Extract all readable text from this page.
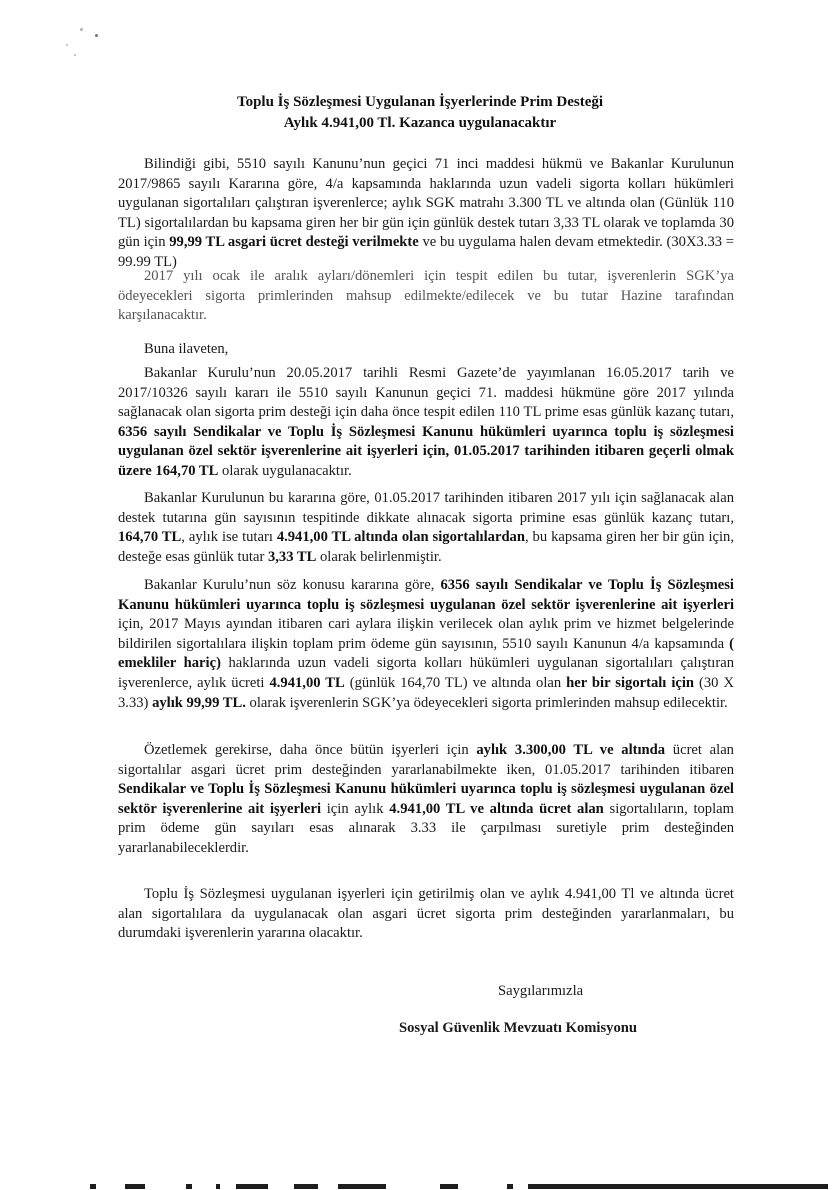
Toplu İş Sözleşmesi Uygulanan İşyerlerinde Prim Desteği
Aylık 4.941,00 Tl. Kazanca uygulanacaktır
Bilindiği gibi, 5510 sayılı Kanunu’nun geçici 71 inci maddesi hükmü ve Bakanlar Kurulunun 2017/9865 sayılı Kararına göre, 4/a kapsamında haklarında uzun vadeli sigorta kolları hükümleri uygulanan sigortalıları çalıştıran işverenlerce; aylık SGK matrahı 3.300 TL ve altında olan (Günlük 110 TL) sigortalılardan bu kapsama giren her bir gün için günlük destek tutarı 3,33 TL olarak ve toplamda 30 gün için 99,99 TL asgari ücret desteği verilmekte ve bu uygulama halen devam etmektedir. (30X3.33 = 99.99 TL)
2017 yılı ocak ile aralık ayları/dönemleri için tespit edilen bu tutar, işverenlerin SGK’ya ödeyecekleri sigorta primlerinden mahsup edilmekte/edilecek ve bu tutar Hazine tarafından karşılanacaktır.
Buna ilaveten,
Bakanlar Kurulu’nun 20.05.2017 tarihli Resmi Gazete’de yayımlanan 16.05.2017 tarih ve 2017/10326 sayılı kararı ile 5510 sayılı Kanunun geçici 71. maddesi hükmüne göre 2017 yılında sağlanacak olan sigorta prim desteği için daha önce tespit edilen 110 TL prime esas günlük kazanç tutarı, 6356 sayılı Sendikalar ve Toplu İş Sözleşmesi Kanunu hükümleri uyarınca toplu iş sözleşmesi uygulanan özel sektör işverenlerine ait işyerleri için, 01.05.2017 tarihinden itibaren geçerli olmak üzere 164,70 TL olarak uygulanacaktır.
Bakanlar Kurulunun bu kararına göre, 01.05.2017 tarihinden itibaren 2017 yılı için sağlanacak alan destek tutarına gün sayısının tespitinde dikkate alınacak sigorta primine esas günlük kazanç tutarı, 164,70 TL, aylık ise tutarı 4.941,00 TL altında olan sigortalılardan, bu kapsama giren her bir gün için, desteğe esas günlük tutar 3,33 TL olarak belirlenmiştir.
Bakanlar Kurulu’nun söz konusu kararına göre, 6356 sayılı Sendikalar ve Toplu İş Sözleşmesi Kanunu hükümleri uyarınca toplu iş sözleşmesi uygulanan özel sektör işverenlerine ait işyerleri için, 2017 Mayıs ayından itibaren cari aylara ilişkin verilecek olan aylık prim ve hizmet belgelerinde bildirilen sigortalılara ilişkin toplam prim ödeme gün sayısının, 5510 sayılı Kanunun 4/a kapsamında ( emekliler hariç) haklarında uzun vadeli sigorta kolları hükümleri uygulanan sigortalıları çalıştıran işverenlerce, aylık ücreti 4.941,00 TL (günlük 164,70 TL) ve altında olan her bir sigortalı için (30 X 3.33) aylık 99,99 TL. olarak işverenlerin SGK’ya ödeyecekleri sigorta primlerinden mahsup edilecektir.
Özetlemek gerekirse, daha önce bütün işyerleri için aylık 3.300,00 TL ve altında ücret alan sigortalılar asgari ücret prim desteğinden yararlanabilmekte iken, 01.05.2017 tarihinden itibaren Sendikalar ve Toplu İş Sözleşmesi Kanunu hükümleri uyarınca toplu iş sözleşmesi uygulanan özel sektör işverenlerine ait işyerleri için aylık 4.941,00 TL ve altında ücret alan sigortalıların, toplam prim ödeme gün sayıları esas alınarak 3.33 ile çarpılması suretiyle prim desteğinden yararlanabileceklerdir.
Toplu İş Sözleşmesi uygulanan işyerleri için getirilmiş olan ve aylık 4.941,00 Tl ve altında ücret alan sigortalılara da uygulanacak olan asgari ücret sigorta prim desteğinden yararlanmaları, bu durumdaki işverenlerin yararına olacaktır.
Saygılarımızla
Sosyal Güvenlik Mevzuatı Komisyonu
